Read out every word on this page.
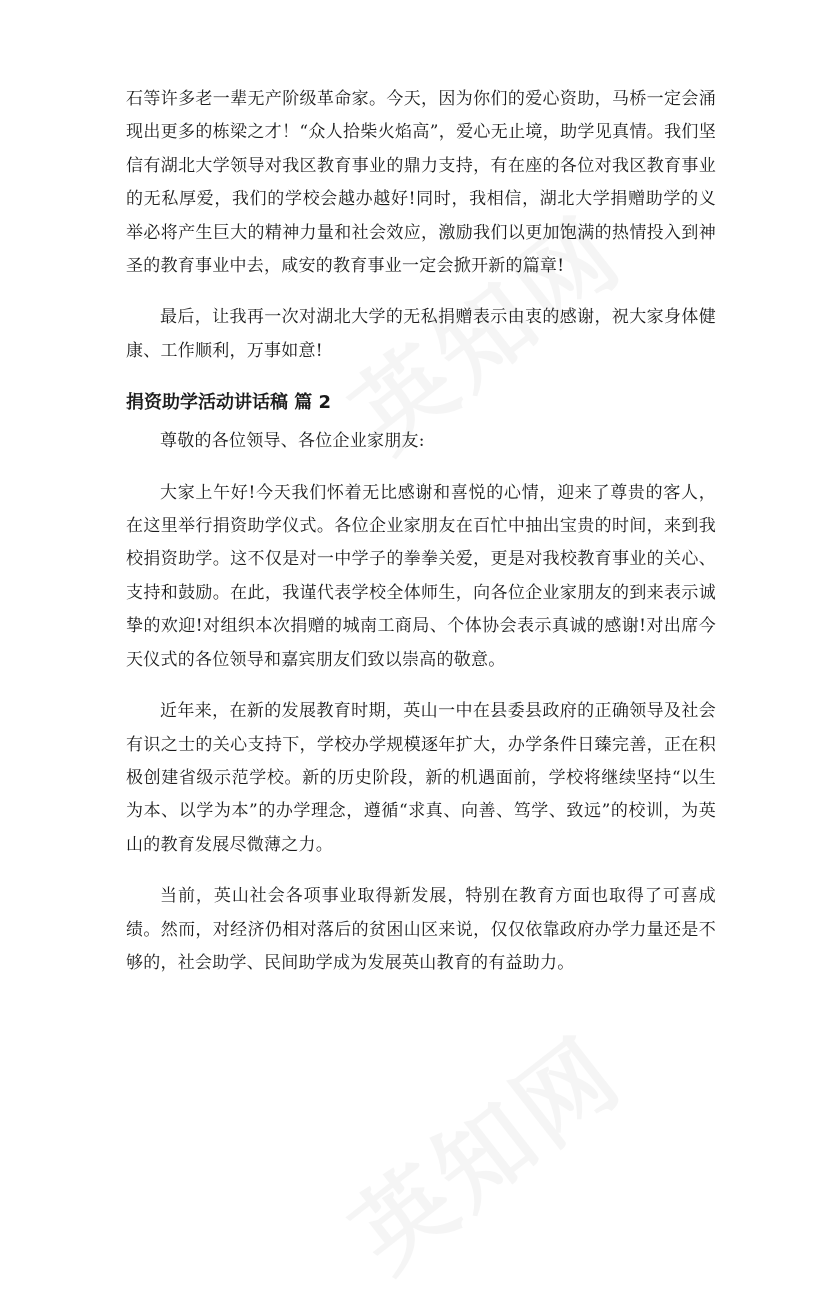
石等许多老一辈无产阶级革命家。今天，因为你们的爱心资助，马桥一定会涌现出更多的栋梁之才！“众人拾柴火焰高”，爱心无止境，助学见真情。我们坚信有湖北大学领导对我区教育事业的鼎力支持，有在座的各位对我区教育事业的无私厚爱，我们的学校会越办越好!同时，我相信，湖北大学捐赠助学的义举必将产生巨大的精神力量和社会效应，激励我们以更加饱满的热情投入到神圣的教育事业中去，咸安的教育事业一定会掀开新的篇章!

最后，让我再一次对湖北大学的无私捐赠表示由衷的感谢，祝大家身体健康、工作顺利，万事如意!

捐资助学活动讲话稿 篇 2

尊敬的各位领导、各位企业家朋友:

大家上午好!今天我们怀着无比感谢和喜悦的心情，迎来了尊贵的客人，在这里举行捐资助学仪式。各位企业家朋友在百忙中抽出宝贵的时间，来到我校捐资助学。这不仅是对一中学子的拳拳关爱，更是对我校教育事业的关心、支持和鼓励。在此，我谨代表学校全体师生，向各位企业家朋友的到来表示诚挚的欢迎!对组织本次捐赠的城南工商局、个体协会表示真诚的感谢!对出席今天仪式的各位领导和嘉宾朋友们致以崇高的敬意。

近年来，在新的发展教育时期，英山一中在县委县政府的正确领导及社会有识之士的关心支持下，学校办学规模逐年扩大，办学条件日臻完善，正在积极创建省级示范学校。新的历史阶段，新的机遇面前，学校将继续坚持“以生为本、以学为本”的办学理念，遵循“求真、向善、笃学、致远”的校训，为英山的教育发展尽微薄之力。

当前，英山社会各项事业取得新发展，特别在教育方面也取得了可喜成绩。然而，对经济仍相对落后的贫困山区来说，仅仅依靠政府办学力量还是不够的，社会助学、民间助学成为发展英山教育的有益助力。
